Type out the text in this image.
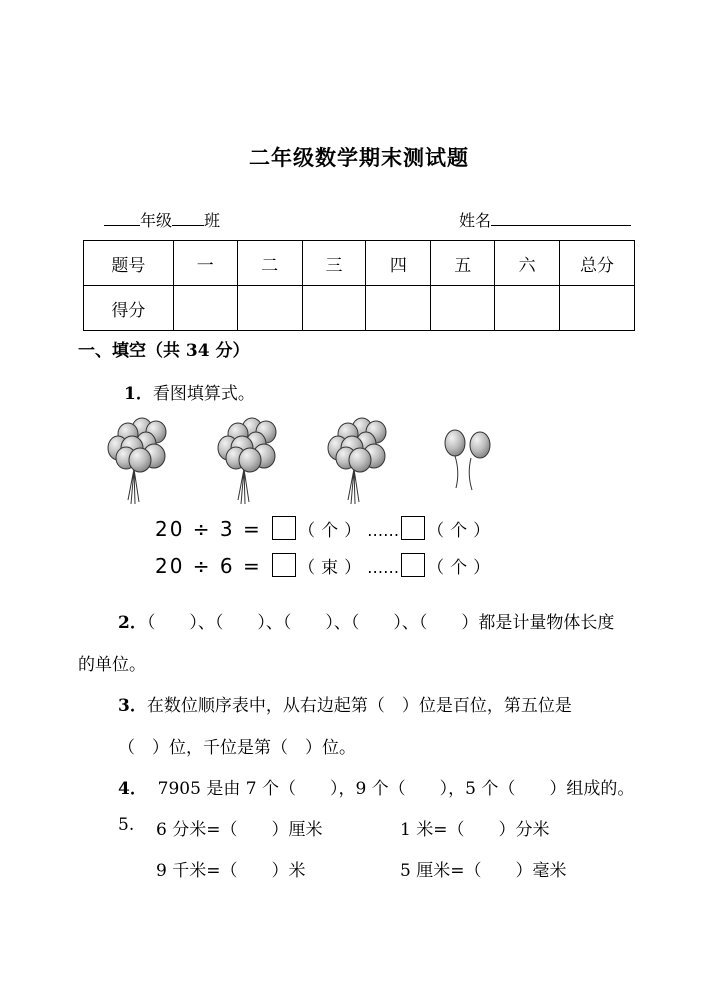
二年级数学期末测试题
年级 班	姓名
题号	一	二	三	四	五	六	总分
得分							
一、填空（共 34 分）
1．看图填算式。
20 ÷ 3 = （个）…… （个）
20 ÷ 6 = （束）…… （个）
2．（　　）、（　　）、（　　）、（　　）、（　　）都是计量物体长度
的单位。
3．在数位顺序表中，从右边起第（　）位是百位，第五位是
（　）位，千位是第（　）位。
4． 7905 是由 7 个（　　），9 个（　　），5 个（　　）组成的。
5. 6 分米=（　　）厘米	1 米=（　　）分米
9 千米=（　　）米	5 厘米=（　　）毫米
